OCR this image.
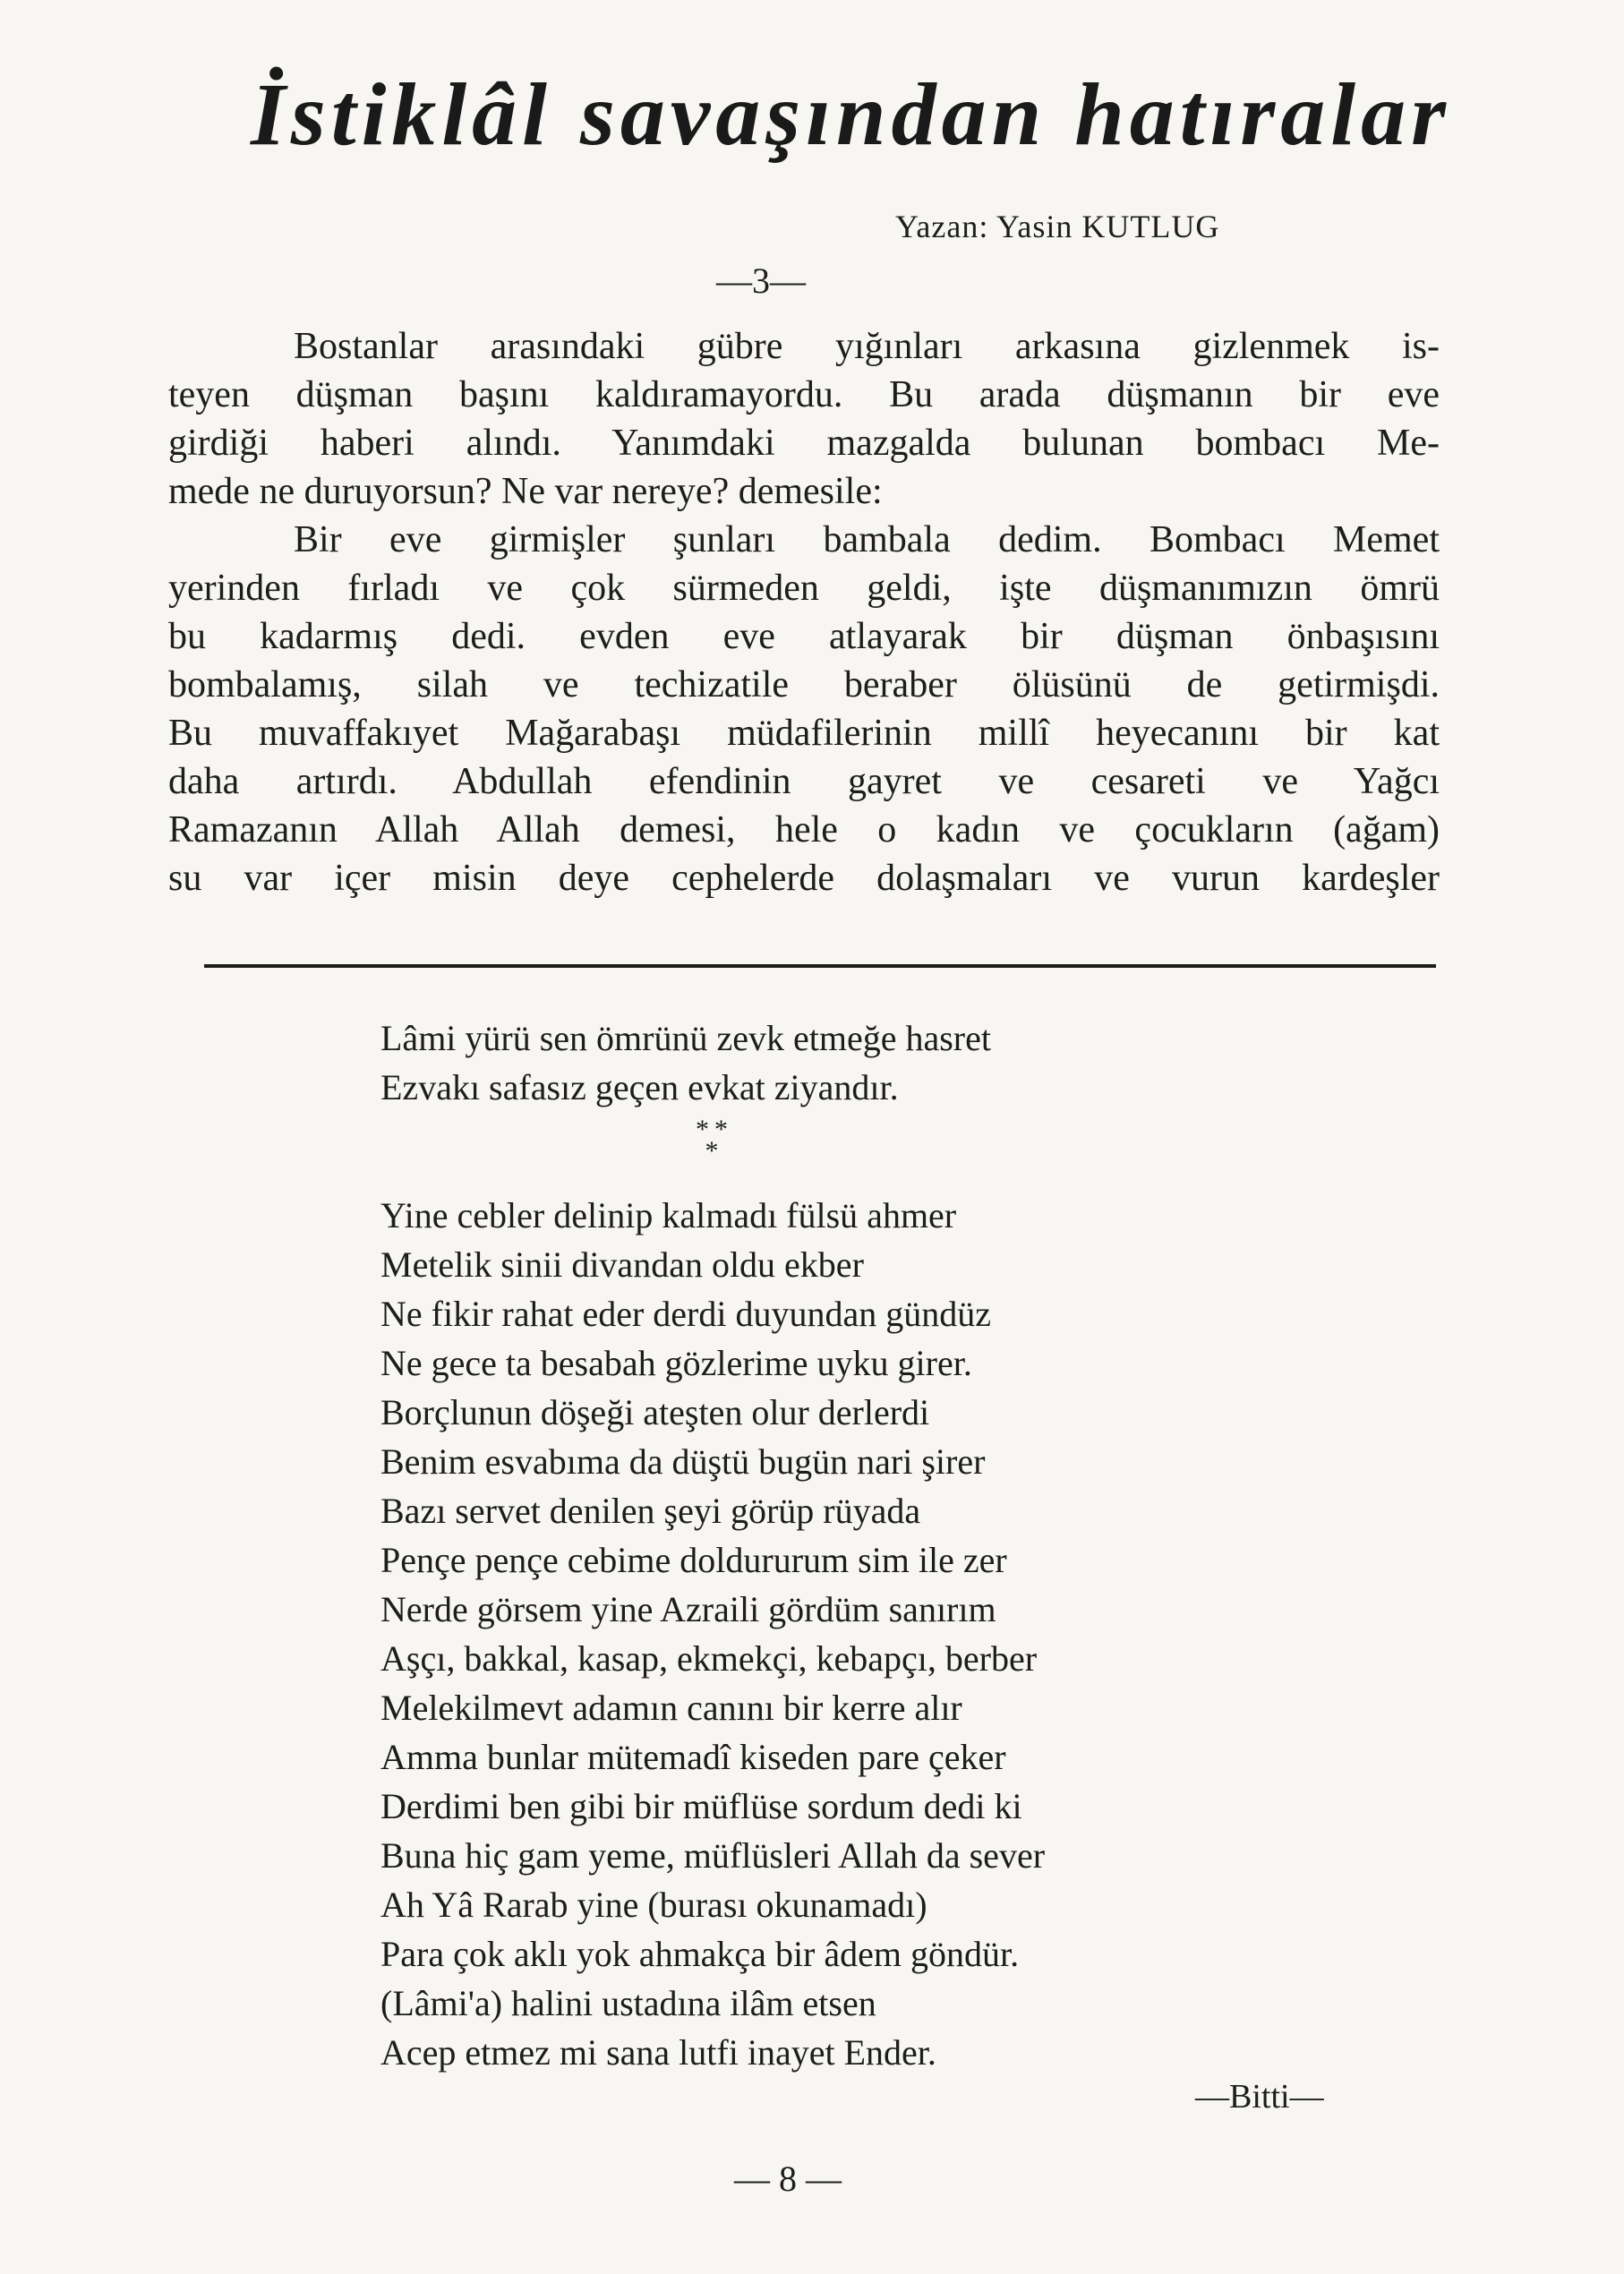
İstiklâl savaşından hatıralar
Yazan: Yasin KUTLUG
—3—
Bostanlar arasındaki gübre yığınları arkasına gizlenmek is-
teyen düşman başını kaldıramayordu. Bu arada düşmanın bir eve
girdiği haberi alındı. Yanımdaki mazgalda bulunan bombacı Me-
mede ne duruyorsun? Ne var nereye? demesile:
Bir eve girmişler şunları bambala dedim. Bombacı Memet
yerinden fırladı ve çok sürmeden geldi, işte düşmanımızın ömrü
bu kadarmış dedi. evden eve atlayarak bir düşman önbaşısını
bombalamış, silah ve techizatile beraber ölüsünü de getirmişdi.
Bu muvaffakıyet Mağarabaşı müdafilerinin millî heyecanını bir kat
daha artırdı. Abdullah efendinin gayret ve cesareti ve Yağcı
Ramazanın Allah Allah demesi, hele o kadın ve çocukların (ağam)
su var içer misin deye cephelerde dolaşmaları ve vurun kardeşler
Lâmi yürü sen ömrünü zevk etmeğe hasret
Ezvakı safasız geçen evkat ziyandır.
* *
*
Yine cebler delinip kalmadı fülsü ahmer
Metelik sinii divandan oldu ekber
Ne fikir rahat eder derdi duyundan gündüz
Ne gece ta besabah gözlerime uyku girer.
Borçlunun döşeği ateşten olur derlerdi
Benim esvabıma da düştü bugün nari şirer
Bazı servet denilen şeyi görüp rüyada
Pençe pençe cebime doldururum sim ile zer
Nerde görsem yine Azraili gördüm sanırım
Aşçı, bakkal, kasap, ekmekçi, kebapçı, berber
Melekilmevt adamın canını bir kerre alır
Amma bunlar mütemadî kiseden pare çeker
Derdimi ben gibi bir müflüse sordum dedi ki
Buna hiç gam yeme, müflüsleri Allah da sever
Ah Yâ Rarab yine (burası okunamadı)
Para çok aklı yok ahmakça bir âdem göndür.
(Lâmi'a) halini ustadına ilâm etsen
Acep etmez mi sana lutfi inayet Ender.
—Bitti—
— 8 —
